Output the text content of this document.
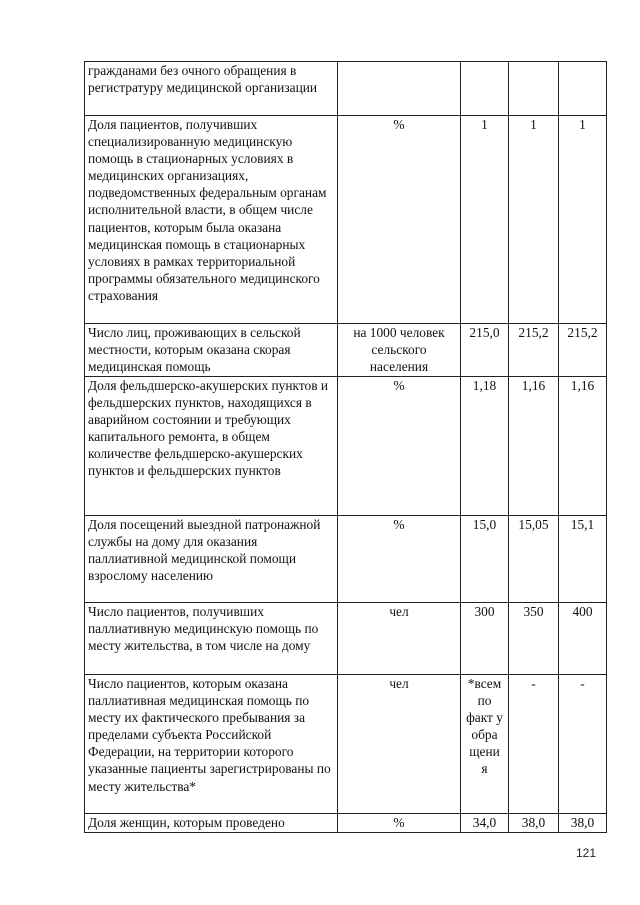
гражданами без очного обращения в регистратуру медицинской организации				
Доля пациентов, получивших специализированную медицинскую помощь в стационарных условиях в медицинских организациях, подведомственных федеральным органам исполнительной власти, в общем числе пациентов, которым была оказана медицинская помощь в стационарных условиях в рамках территориальной программы обязательного медицинского страхования	%	1	1	1
Число лиц, проживающих в сельской местности, которым оказана скорая медицинская помощь	на 1000 человек сельского населения	215,0	215,2	215,2
Доля фельдшерско-акушерских пунктов и фельдшерских пунктов, находящихся в аварийном состоянии и требующих капитального ремонта, в общем количестве фельдшерско-акушерских пунктов и фельдшерских пунктов	%	1,18	1,16	1,16
Доля посещений выездной патронажной службы на дому для оказания паллиативной медицинской помощи взрослому населению	%	15,0	15,05	15,1
Число пациентов, получивших паллиативную медицинскую помощь по месту жительства, в том числе на дому	чел	300	350	400
Число пациентов, которым оказана паллиативная медицинская помощь по месту их фактического пребывания за пределами субъекта Российской Федерации, на территории которого указанные пациенты зарегистрированы по месту жительства*	чел	*всем по факт у обра щени я	-	-
Доля женщин, которым проведено	%	34,0	38,0	38,0
121
